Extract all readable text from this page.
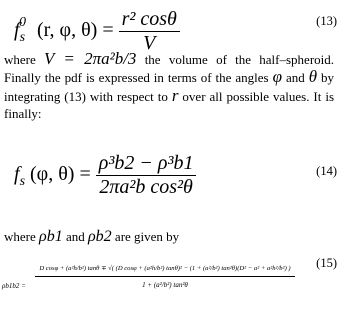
$f_s^0$ (r, φ, $\theta) = \frac{\text{r² cosθ}}{V}$	(13)
where V = 2πa²b/3 the volume of the half–spheroid. Finally the pdf is expressed in terms of the angles φ and θ by integrating (13) with respect to r over all possible values. It is finally:
$f_s$ (φ, $\theta) = \frac{\text{ρ³b2 − ρ³b1}}{\text{2πa²b cos²θ}}$	(14)
where ρb1 and ρb2 are given by
ρb1b2 =
D cosφ + (a²h/b²) tanθ ∓ √( (D cosφ + (a²h/b²) tanθ)² − (1 + (a²/b²) tan²θ)(D² − a² + a²h²/b²) )
1 + (a²/b²) tan²θ
(15)
